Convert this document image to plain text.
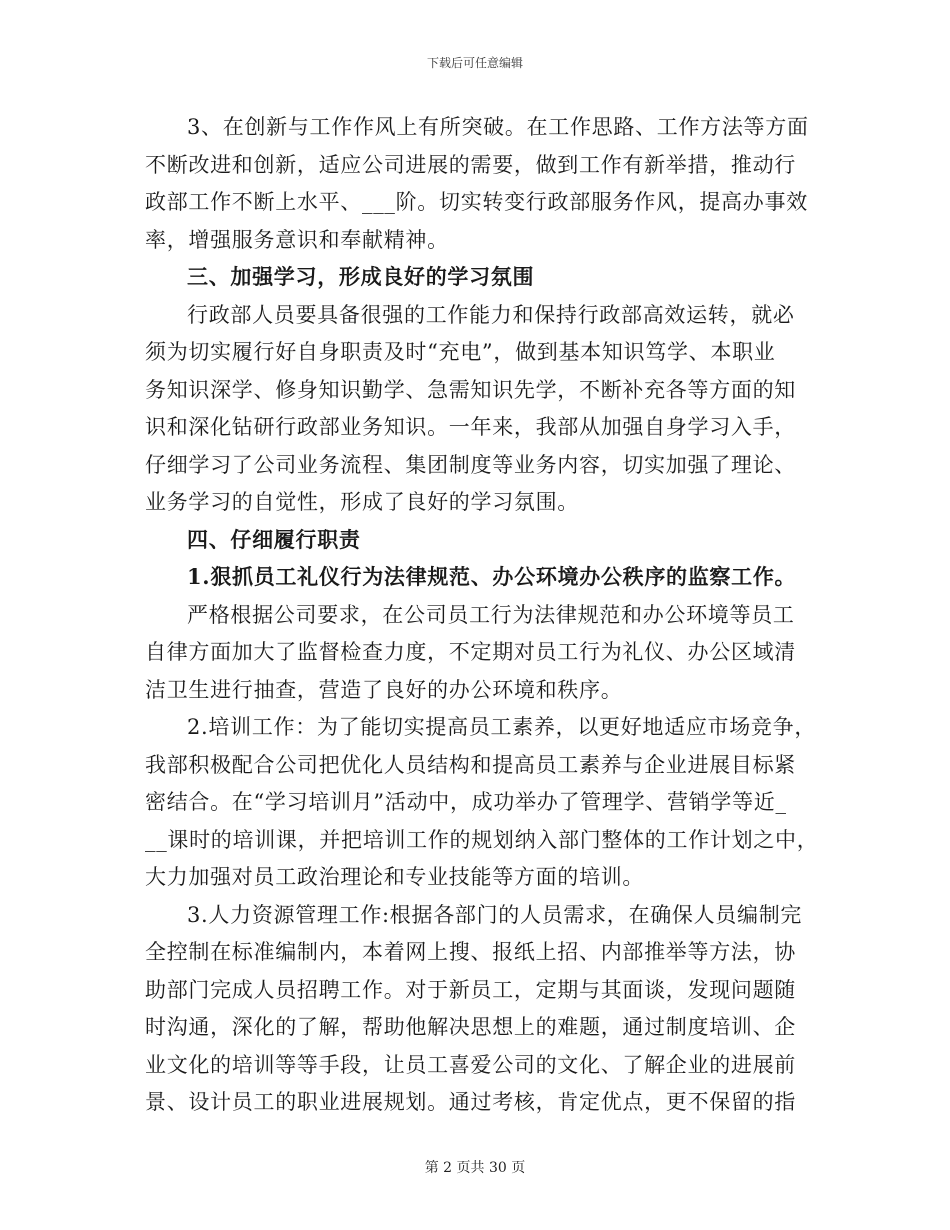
下载后可任意编辑
3、在创新与工作作风上有所突破。在工作思路、工作方法等方面
不断改进和创新，适应公司进展的需要，做到工作有新举措，推动行
政部工作不断上水平、___阶。切实转变行政部服务作风，提高办事效
率，增强服务意识和奉献精神。
三、加强学习，形成良好的学习氛围
行政部人员要具备很强的工作能力和保持行政部高效运转，就必
须为切实履行好自身职责及时“充电”，做到基本知识笃学、本职业
务知识深学、修身知识勤学、急需知识先学，不断补充各等方面的知
识和深化钻研行政部业务知识。一年来，我部从加强自身学习入手，
仔细学习了公司业务流程、集团制度等业务内容，切实加强了理论、
业务学习的自觉性，形成了良好的学习氛围。
四、仔细履行职责
1.狠抓员工礼仪行为法律规范、办公环境办公秩序的监察工作。
严格根据公司要求，在公司员工行为法律规范和办公环境等员工
自律方面加大了监督检查力度，不定期对员工行为礼仪、办公区域清
洁卫生进行抽查，营造了良好的办公环境和秩序。
2.培训工作：为了能切实提高员工素养，以更好地适应市场竞争，
我部积极配合公司把优化人员结构和提高员工素养与企业进展目标紧
密结合。在“学习培训月”活动中，成功举办了管理学、营销学等近_
__课时的培训课，并把培训工作的规划纳入部门整体的工作计划之中，
大力加强对员工政治理论和专业技能等方面的培训。
3.人力资源管理工作:根据各部门的人员需求，在确保人员编制完
全控制在标准编制内，本着网上搜、报纸上招、内部推举等方法，协
助部门完成人员招聘工作。对于新员工，定期与其面谈，发现问题随
时沟通，深化的了解，帮助他解决思想上的难题，通过制度培训、企
业文化的培训等等手段，让员工喜爱公司的文化、了解企业的进展前
景、设计员工的职业进展规划。通过考核，肯定优点，更不保留的指
第 2 页共 30 页
